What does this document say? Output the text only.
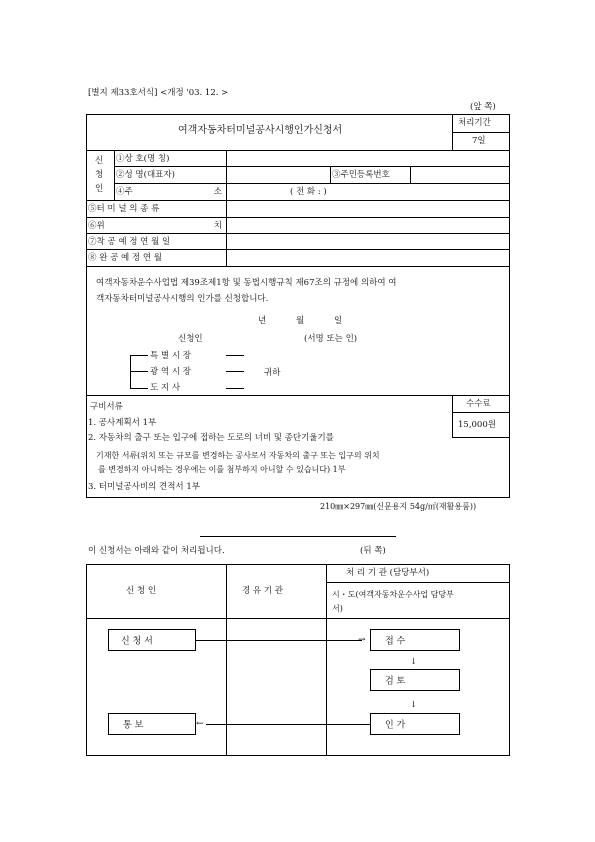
[별지 제33호서식] <개정 '03. 12. >
(앞 쪽)
여객자동차터미널공사시행인가신청서
처리기간
7일
신
청
인
①상 호(명 칭)
②성 명(대표자)	③주민등록번호
④주	소	( 전 화 : )
⑤터 미 널 의 종 류
⑥위	치
⑦착 공 예 정 연 월 일
⑧ 완 공 예 정 연 월
여객자동차운수사업법 제39조제1항 및 동법시행규칙 제67조의 규정에 의하여 여
객자동차터미널공사시행의 인가를 신청합니다.
년	월	일
신청인	(서명 또는 인)
특 별 시 장
광 역 시 장
도 지 사
귀하
구비서류	수수료
15,000원
1. 공사계획서 1부
2. 자동차의 출구 또는 입구에 접하는 도로의 너비 및 종단기울기를
기재한 서류(위치 또는 규모를 변경하는 공사로서 자동차의 출구 또는 입구의 위치
를 변경하지 아니하는 경우에는 이를 첨부하지 아니할 수 있습니다) 1부
3. 터미널공사비의 견적서 1부
210㎜×297㎜(신문용지 54g/㎡(재활용품))
이 신청서는 아래와 같이 처리됩니다.	(뒤 쪽)
신 청 인	경 유 기 관
처 리 기 관 (담당부서)
시・도(여객자동차운수사업 담당부
서)
신 청 서	접 수
검 토
인 가
통 보
→
↓
↓
←
